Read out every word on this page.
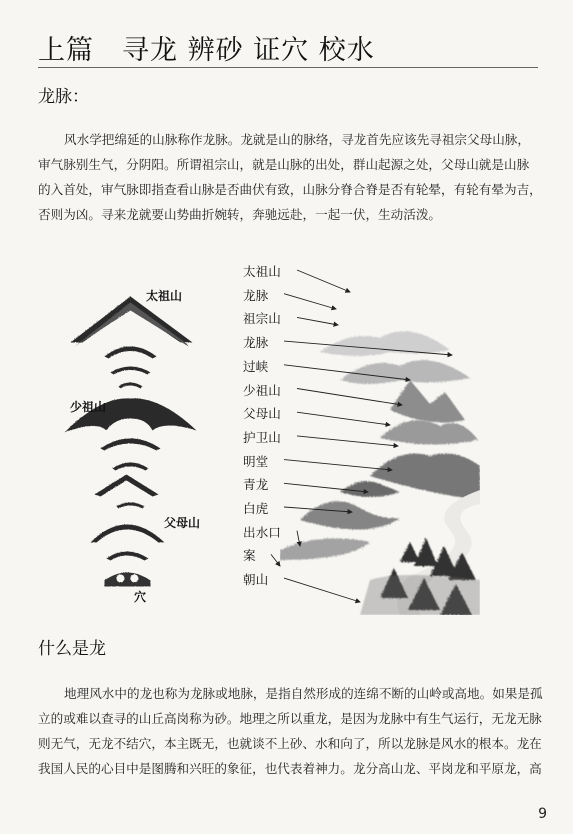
上篇　寻龙 辨砂 证穴 校水
龙脉：
风水学把绵延的山脉称作龙脉。龙就是山的脉络，寻龙首先应该先寻祖宗父母山脉，
审气脉别生气，分阴阳。所谓祖宗山，就是山脉的出处，群山起源之处，父母山就是山脉
的入首处，审气脉即指查看山脉是否曲伏有致，山脉分脊合脊是否有轮晕，有轮有晕为吉，
否则为凶。寻来龙就要山势曲折婉转，奔驰远赴，一起一伏，生动活泼。
太祖山
少祖山
父母山
穴
太祖山
龙脉
祖宗山
龙脉
过峡
少祖山
父母山
护卫山
明堂
青龙
白虎
出水口
案
朝山
什么是龙
地理风水中的龙也称为龙脉或地脉，是指自然形成的连绵不断的山岭或高地。如果是孤
立的或难以查寻的山丘高岗称为砂。地理之所以重龙，是因为龙脉中有生气运行，无龙无脉
则无气，无龙不结穴，本主既无，也就谈不上砂、水和向了，所以龙脉是风水的根本。龙在
我国人民的心目中是图腾和兴旺的象征，也代表着神力。龙分高山龙、平岗龙和平原龙，高
9
